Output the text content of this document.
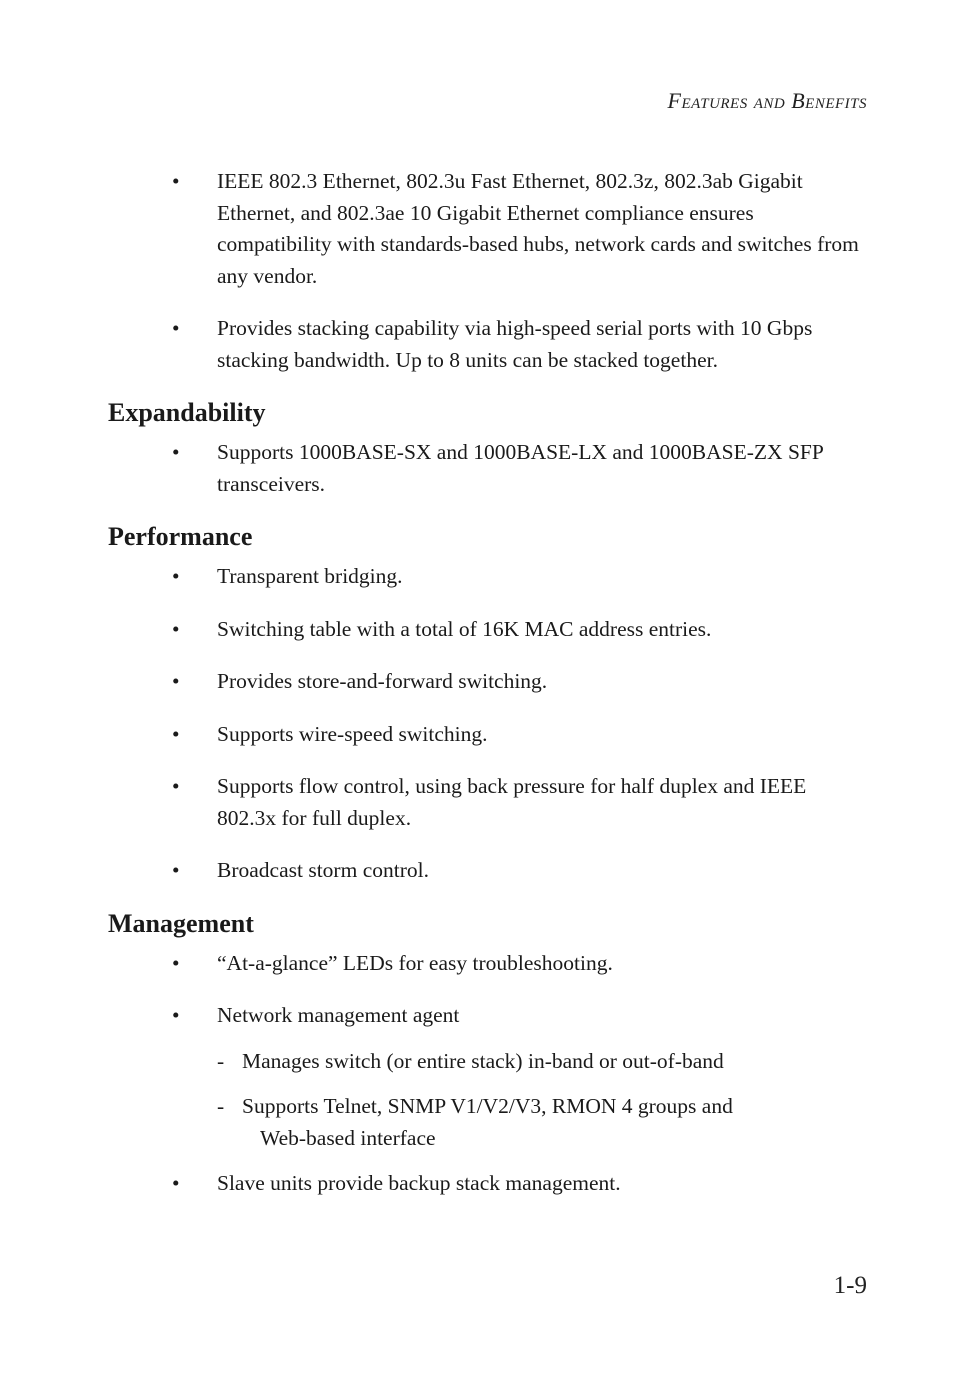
Features and Benefits
•	IEEE 802.3 Ethernet, 802.3u Fast Ethernet, 802.3z, 802.3ab Gigabit Ethernet, and 802.3ae 10 Gigabit Ethernet compliance ensures compatibility with standards-based hubs, network cards and switches from any vendor.
•	Provides stacking capability via high-speed serial ports with 10 Gbps stacking bandwidth. Up to 8 units can be stacked together.
Expandability
•	Supports 1000BASE-SX and 1000BASE-LX and 1000BASE-ZX SFP transceivers.
Performance
•	Transparent bridging.
•	Switching table with a total of 16K MAC address entries.
•	Provides store-and-forward switching.
•	Supports wire-speed switching.
•	Supports flow control, using back pressure for half duplex and IEEE 802.3x for full duplex.
•	Broadcast storm control.
Management
•	“At-a-glance” LEDs for easy troubleshooting.
•	Network management agent
- Manages switch (or entire stack) in-band or out-of-band
- Supports Telnet, SNMP V1/V2/V3, RMON 4 groups and
Web-based interface
•	Slave units provide backup stack management.
1-9
